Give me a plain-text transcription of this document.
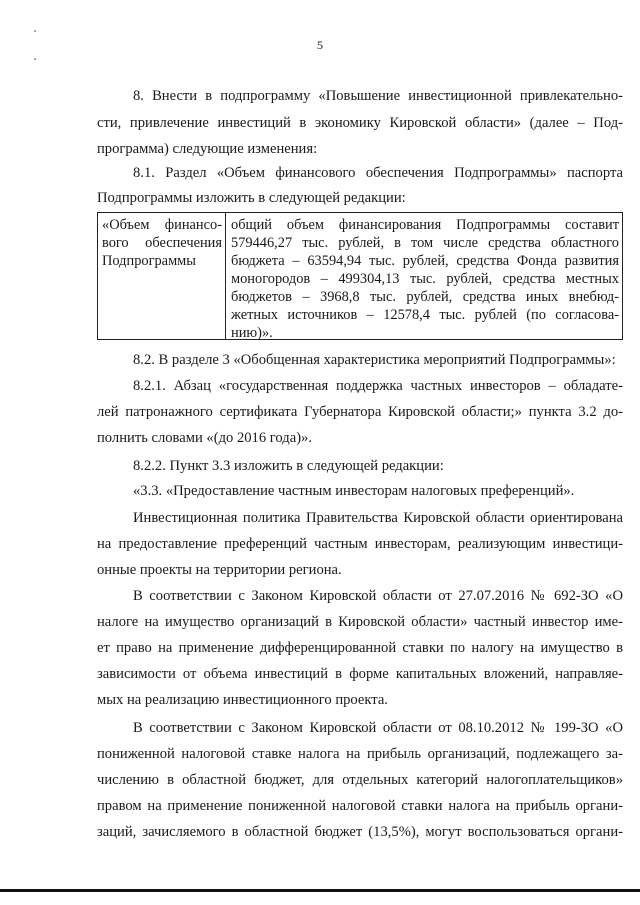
5
8. Внести в подпрограмму «Повышение инвестиционной привлекательно-
сти, привлечение инвестиций в экономику Кировской области» (далее – Под-
программа) следующие изменения:
8.1. Раздел «Объем финансового обеспечения Подпрограммы» паспорта
Подпрограммы изложить в следующей редакции:
«Объем финансо-
вого обеспечения
Подпрограммы
общий объем финансирования Подпрограммы составит
579446,27 тыс. рублей, в том числе средства областного
бюджета – 63594,94 тыс. рублей, средства Фонда развития
моногородов – 499304,13 тыс. рублей, средства местных
бюджетов – 3968,8 тыс. рублей, средства иных внебюд-
жетных источников – 12578,4 тыс. рублей (по согласова-
нию)».
8.2. В разделе 3 «Обобщенная характеристика мероприятий Подпрограммы»:
8.2.1. Абзац «государственная поддержка частных инвесторов – обладате-
лей патронажного сертификата Губернатора Кировской области;» пункта 3.2 до-
полнить словами «(до 2016 года)».
8.2.2. Пункт 3.3 изложить в следующей редакции:
«3.3. «Предоставление частным инвесторам налоговых преференций».
Инвестиционная политика Правительства Кировской области ориентирована
на предоставление преференций частным инвесторам, реализующим инвестици-
онные проекты на территории региона.
В соответствии с Законом Кировской области от 27.07.2016 № 692-ЗО «О
налоге на имущество организаций в Кировской области» частный инвестор име-
ет право на применение дифференцированной ставки по налогу на имущество в
зависимости от объема инвестиций в форме капитальных вложений, направляе-
мых на реализацию инвестиционного проекта.
В соответствии с Законом Кировской области от 08.10.2012 № 199-ЗО «О
пониженной налоговой ставке налога на прибыль организаций, подлежащего за-
числению в областной бюджет, для отдельных категорий налогоплательщиков»
правом на применение пониженной налоговой ставки налога на прибыль органи-
заций, зачисляемого в областной бюджет (13,5%), могут воспользоваться органи-
